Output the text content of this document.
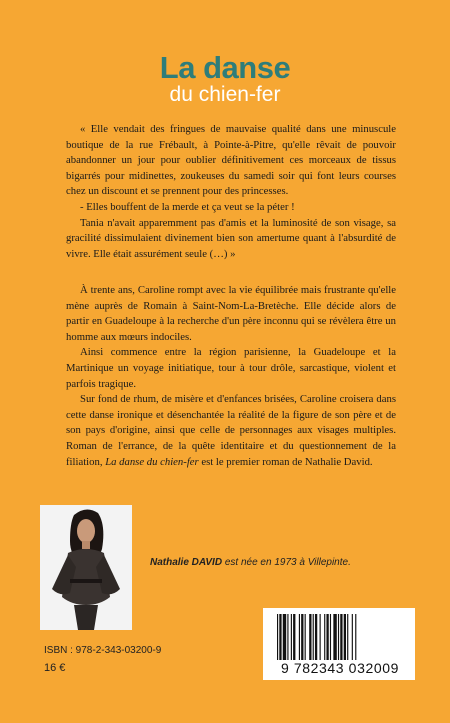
La danse
du chien-fer

« Elle vendait des fringues de mauvaise qualité dans une minuscule boutique de la rue Frébault, à Pointe-à-Pitre, qu'elle rêvait de pouvoir abandonner un jour pour oublier définitivement ces morceaux de tissus bigarrés pour midinettes, zoukeuses du samedi soir qui font leurs courses chez un discount et se prennent pour des princesses.

- Elles bouffent de la merde et ça veut se la péter !

Tania n'avait apparemment pas d'amis et la luminosité de son visage, sa gracilité dissimulaient divinement bien son amertume quant à l'absurdité de vivre. Elle était assurément seule (…) »

À trente ans, Caroline rompt avec la vie équilibrée mais frustrante qu'elle mène auprès de Romain à Saint-Nom-La-Bretèche. Elle décide alors de partir en Guadeloupe à la recherche d'un père inconnu qui se révèlera être un homme aux mœurs indociles.

Ainsi commence entre la région parisienne, la Guadeloupe et la Martinique un voyage initiatique, tour à tour drôle, sarcastique, violent et parfois tragique.

Sur fond de rhum, de misère et d'enfances brisées, Caroline croisera dans cette danse ironique et désenchantée la réalité de la figure de son père et de son pays d'origine, ainsi que celle de personnages aux visages multiples. Roman de l'errance, de la quête identitaire et du questionnement de la filiation, La danse du chien-fer est le premier roman de Nathalie David.

Nathalie DAVID est née en 1973 à Villepinte.
ISBN : 978-2-343-03200-9
16 €	9 782343 032009
